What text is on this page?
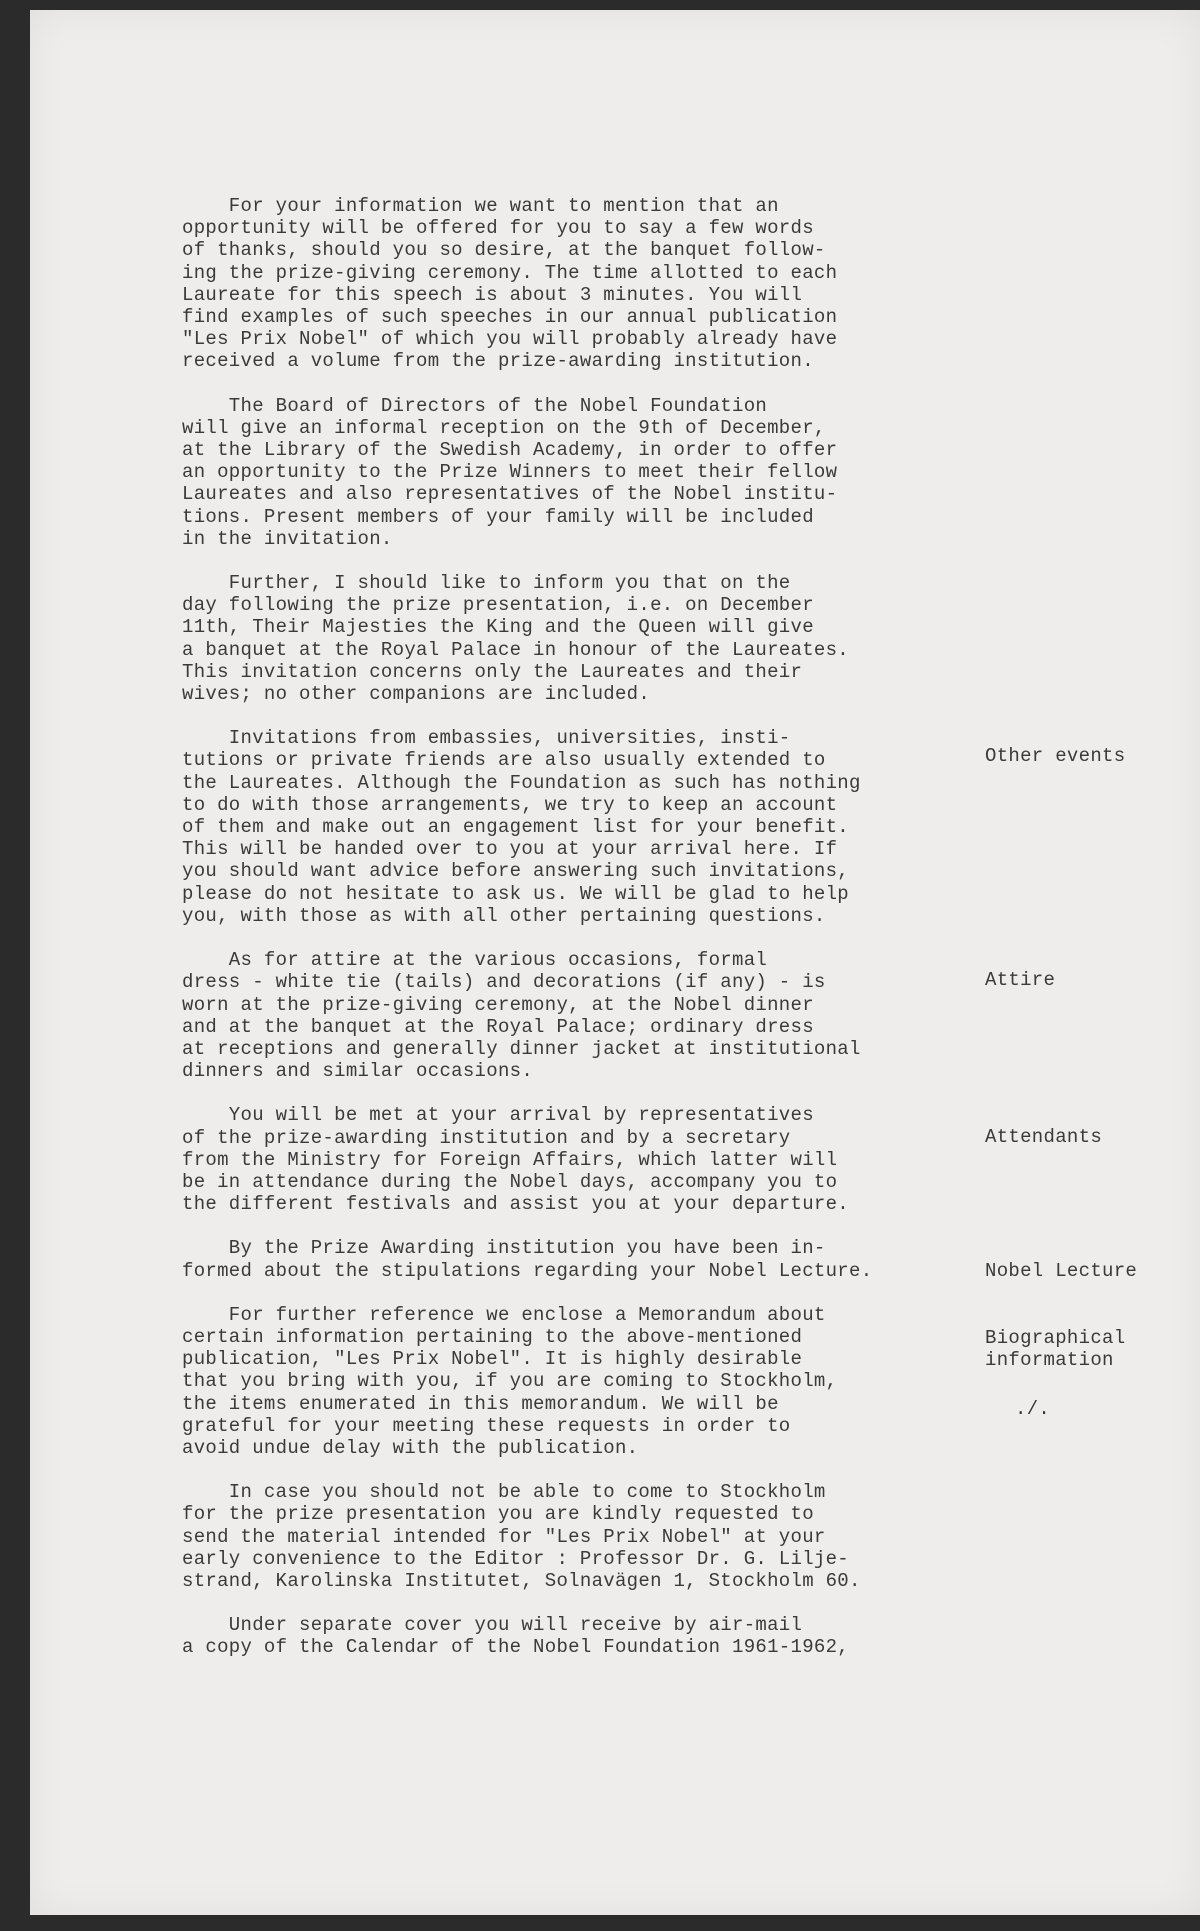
For your information we want to mention that an
opportunity will be offered for you to say a few words
of thanks, should you so desire, at the banquet follow-
ing the prize-giving ceremony. The time allotted to each
Laureate for this speech is about 3 minutes. You will
find examples of such speeches in our annual publication
"Les Prix Nobel" of which you will probably already have
received a volume from the prize-awarding institution.
The Board of Directors of the Nobel Foundation
will give an informal reception on the 9th of December,
at the Library of the Swedish Academy, in order to offer
an opportunity to the Prize Winners to meet their fellow
Laureates and also representatives of the Nobel institu-
tions. Present members of your family will be included
in the invitation.
Further, I should like to inform you that on the
day following the prize presentation, i.e. on December
11th, Their Majesties the King and the Queen will give
a banquet at the Royal Palace in honour of the Laureates.
This invitation concerns only the Laureates and their
wives; no other companions are included.
Invitations from embassies, universities, insti-
tutions or private friends are also usually extended to
the Laureates. Although the Foundation as such has nothing
to do with those arrangements, we try to keep an account
of them and make out an engagement list for your benefit.
This will be handed over to you at your arrival here. If
you should want advice before answering such invitations,
please do not hesitate to ask us. We will be glad to help
you, with those as with all other pertaining questions.
As for attire at the various occasions, formal
dress - white tie (tails) and decorations (if any) - is
worn at the prize-giving ceremony, at the Nobel dinner
and at the banquet at the Royal Palace; ordinary dress
at receptions and generally dinner jacket at institutional
dinners and similar occasions.
You will be met at your arrival by representatives
of the prize-awarding institution and by a secretary
from the Ministry for Foreign Affairs, which latter will
be in attendance during the Nobel days, accompany you to
the different festivals and assist you at your departure.
By the Prize Awarding institution you have been in-
formed about the stipulations regarding your Nobel Lecture.
For further reference we enclose a Memorandum about
certain information pertaining to the above-mentioned
publication, "Les Prix Nobel". It is highly desirable
that you bring with you, if you are coming to Stockholm,
the items enumerated in this memorandum. We will be
grateful for your meeting these requests in order to
avoid undue delay with the publication.
In case you should not be able to come to Stockholm
for the prize presentation you are kindly requested to
send the material intended for "Les Prix Nobel" at your
early convenience to the Editor : Professor Dr. G. Lilje-
strand, Karolinska Institutet, Solnavägen 1, Stockholm 60.
Under separate cover you will receive by air-mail
a copy of the Calendar of the Nobel Foundation 1961-1962,
Other events
Attire
Attendants
Nobel Lecture
Biographical
information
./.
